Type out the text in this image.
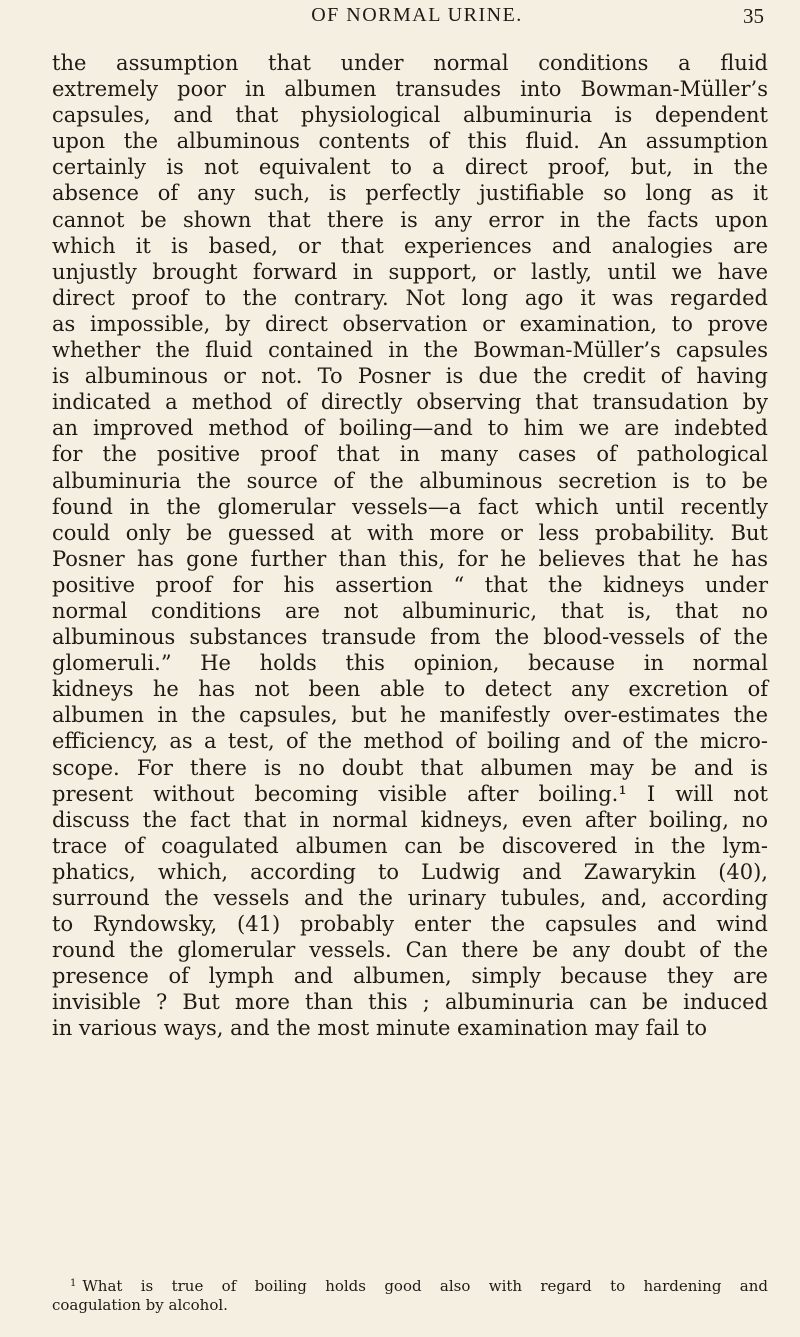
OF NORMAL URINE.	35
the assumption that under normal conditions a fluid
extremely poor in albumen transudes into Bowman-Müller’s
capsules, and that physiological albuminuria is dependent
upon the albuminous contents of this fluid. An assumption
certainly is not equivalent to a direct proof, but, in the
absence of any such, is perfectly justifiable so long as it
cannot be shown that there is any error in the facts upon
which it is based, or that experiences and analogies are
unjustly brought forward in support, or lastly, until we have
direct proof to the contrary. Not long ago it was regarded
as impossible, by direct observation or examination, to prove
whether the fluid contained in the Bowman-Müller’s capsules
is albuminous or not. To Posner is due the credit of having
indicated a method of directly observing that transudation by
an improved method of boiling—and to him we are indebted
for the positive proof that in many cases of pathological
albuminuria the source of the albuminous secretion is to be
found in the glomerular vessels—a fact which until recently
could only be guessed at with more or less probability. But
Posner has gone further than this, for he believes that he has
positive proof for his assertion “ that the kidneys under
normal conditions are not albuminuric, that is, that no
albuminous substances transude from the blood-vessels of the
glomeruli.” He holds this opinion, because in normal
kidneys he has not been able to detect any excretion of
albumen in the capsules, but he manifestly over-estimates the
efficiency, as a test, of the method of boiling and of the micro-
scope. For there is no doubt that albumen may be and is
present without becoming visible after boiling.¹ I will not
discuss the fact that in normal kidneys, even after boiling, no
trace of coagulated albumen can be discovered in the lym-
phatics, which, according to Ludwig and Zawarykin (40),
surround the vessels and the urinary tubules, and, according
to Ryndowsky, (41) probably enter the capsules and wind
round the glomerular vessels. Can there be any doubt of the
presence of lymph and albumen, simply because they are
invisible ? But more than this ; albuminuria can be induced
in various ways, and the most minute examination may fail to
$^1$ What is true of boiling holds good also with regard to hardening and
coagulation by alcohol.
